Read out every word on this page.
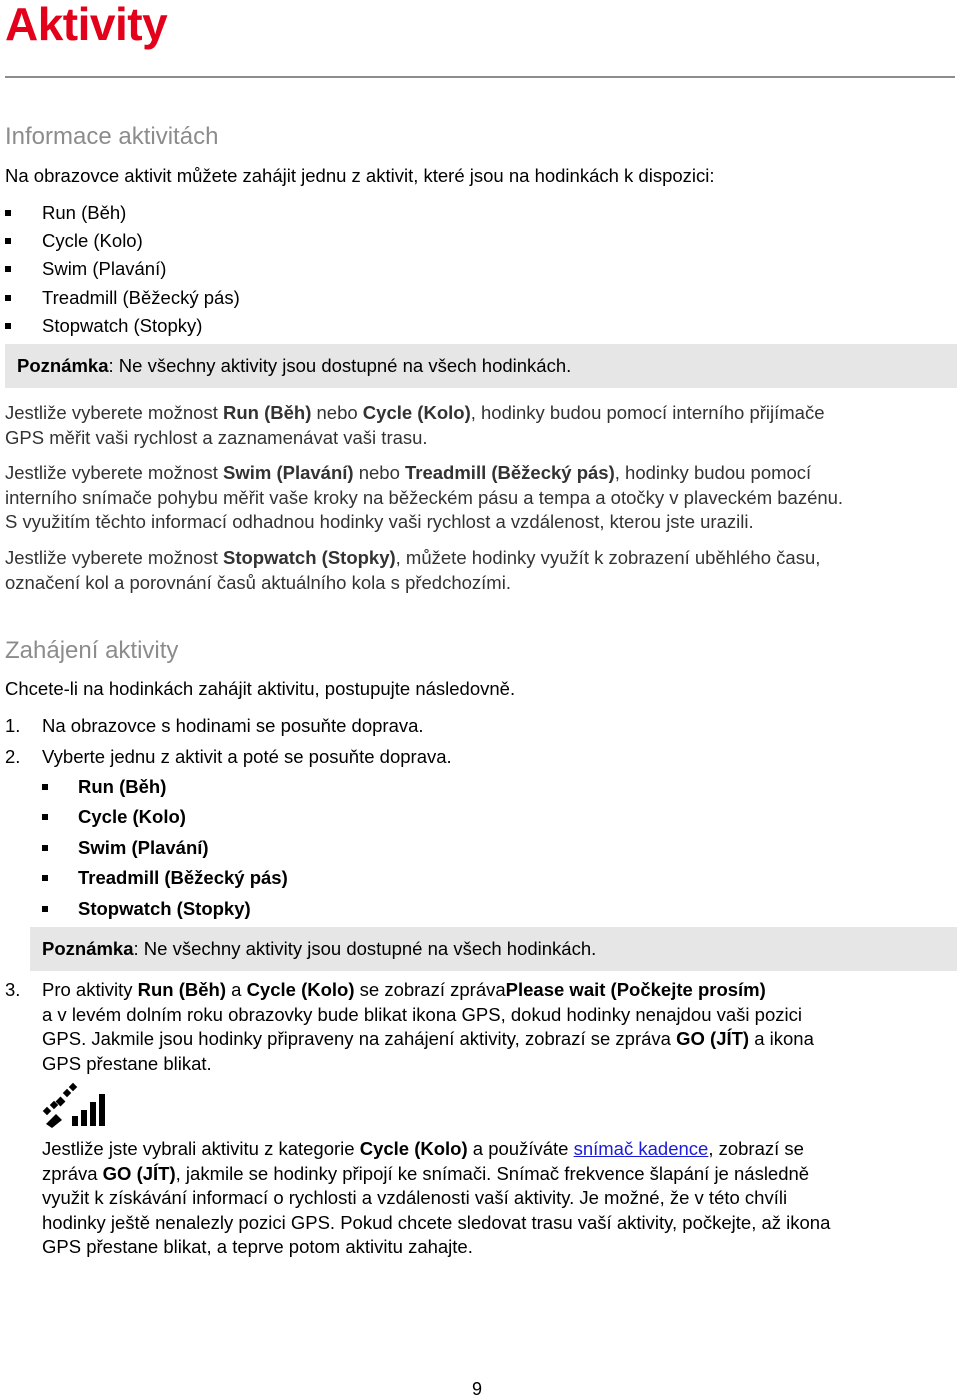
Aktivity
Informace aktivitách
Na obrazovce aktivit můžete zahájit jednu z aktivit, které jsou na hodinkách k dispozici:
Run (Běh)
Cycle (Kolo)
Swim (Plavání)
Treadmill (Běžecký pás)
Stopwatch (Stopky)
Poznámka: Ne všechny aktivity jsou dostupné na všech hodinkách.
Jestliže vyberete možnost Run (Běh) nebo Cycle (Kolo), hodinky budou pomocí interního přijímače
GPS měřit vaši rychlost a zaznamenávat vaši trasu.
Jestliže vyberete možnost Swim (Plavání) nebo Treadmill (Běžecký pás), hodinky budou pomocí
interního snímače pohybu měřit vaše kroky na běžeckém pásu a tempa a otočky v plaveckém bazénu.
S využitím těchto informací odhadnou hodinky vaši rychlost a vzdálenost, kterou jste urazili.
Jestliže vyberete možnost Stopwatch (Stopky), můžete hodinky využít k zobrazení uběhlého času,
označení kol a porovnání časů aktuálního kola s předchozími.
Zahájení aktivity
Chcete-li na hodinkách zahájit aktivitu, postupujte následovně.
1. Na obrazovce s hodinami se posuňte doprava.
2. Vyberte jednu z aktivit a poté se posuňte doprava.
Run (Běh)
Cycle (Kolo)
Swim (Plavání)
Treadmill (Běžecký pás)
Stopwatch (Stopky)
Poznámka: Ne všechny aktivity jsou dostupné na všech hodinkách.
3. Pro aktivity Run (Běh) a Cycle (Kolo) se zobrazí zprávaPlease wait (Počkejte prosím)
a v levém dolním roku obrazovky bude blikat ikona GPS, dokud hodinky nenajdou vaši pozici
GPS. Jakmile jsou hodinky připraveny na zahájení aktivity, zobrazí se zpráva GO (JÍT) a ikona
GPS přestane blikat.
Jestliže jste vybrali aktivitu z kategorie Cycle (Kolo) a používáte snímač kadence, zobrazí se
zpráva GO (JÍT), jakmile se hodinky připojí ke snímači. Snímač frekvence šlapání je následně
využit k získávání informací o rychlosti a vzdálenosti vaší aktivity. Je možné, že v této chvíli
hodinky ještě nenalezly pozici GPS. Pokud chcete sledovat trasu vaší aktivity, počkejte, až ikona
GPS přestane blikat, a teprve potom aktivitu zahajte.
9
